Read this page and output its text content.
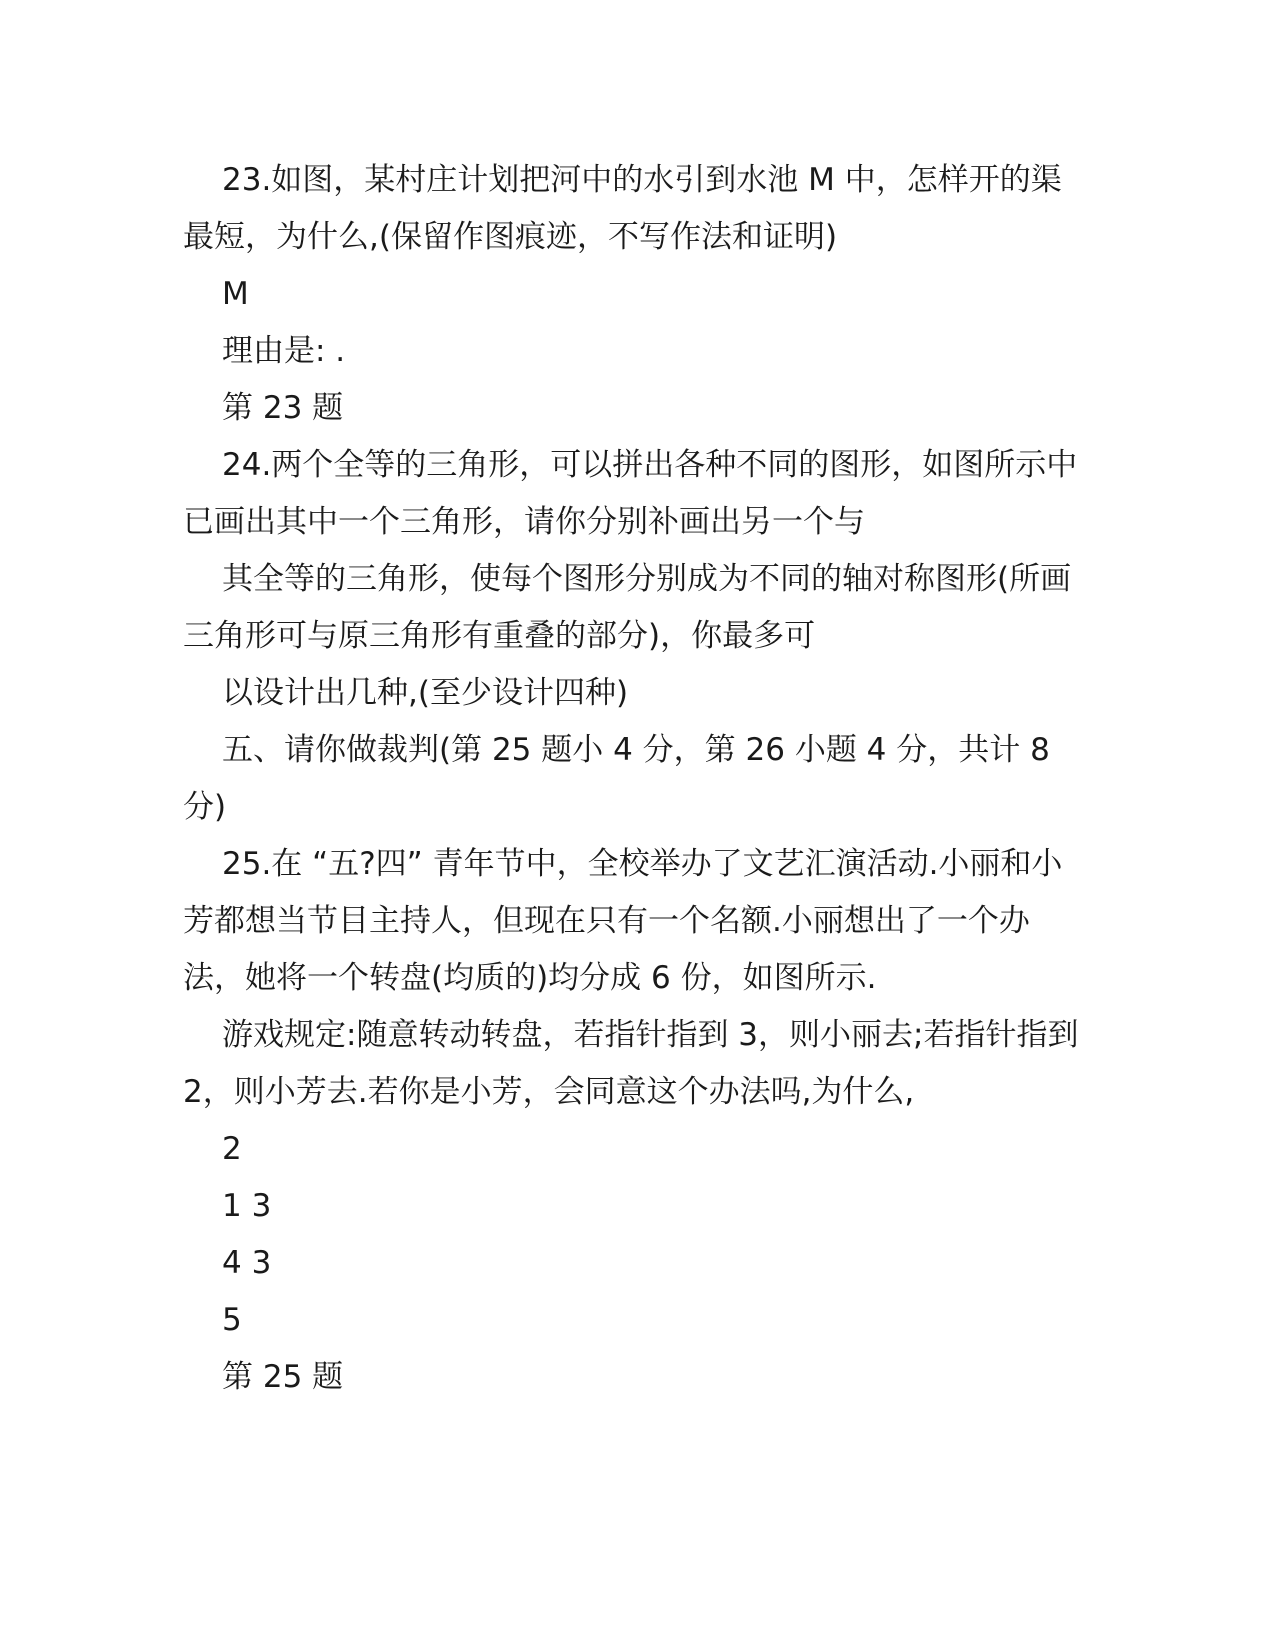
23.如图，某村庄计划把河中的水引到水池 M 中，怎样开的渠最短，为什么,(保留作图痕迹，不写作法和证明)

M

理由是: .

第 23 题

24.两个全等的三角形，可以拼出各种不同的图形，如图所示中已画出其中一个三角形，请你分别补画出另一个与

其全等的三角形，使每个图形分别成为不同的轴对称图形(所画三角形可与原三角形有重叠的部分)，你最多可

以设计出几种,(至少设计四种)

五、请你做裁判(第 25 题小 4 分，第 26 小题 4 分，共计 8 分)

25.在 “五?四” 青年节中，全校举办了文艺汇演活动.小丽和小芳都想当节目主持人，但现在只有一个名额.小丽想出了一个办法，她将一个转盘(均质的)均分成 6 份，如图所示.

游戏规定:随意转动转盘，若指针指到 3，则小丽去;若指针指到 2，则小芳去.若你是小芳，会同意这个办法吗,为什么,

2

1 3

4 3

5

第 25 题
